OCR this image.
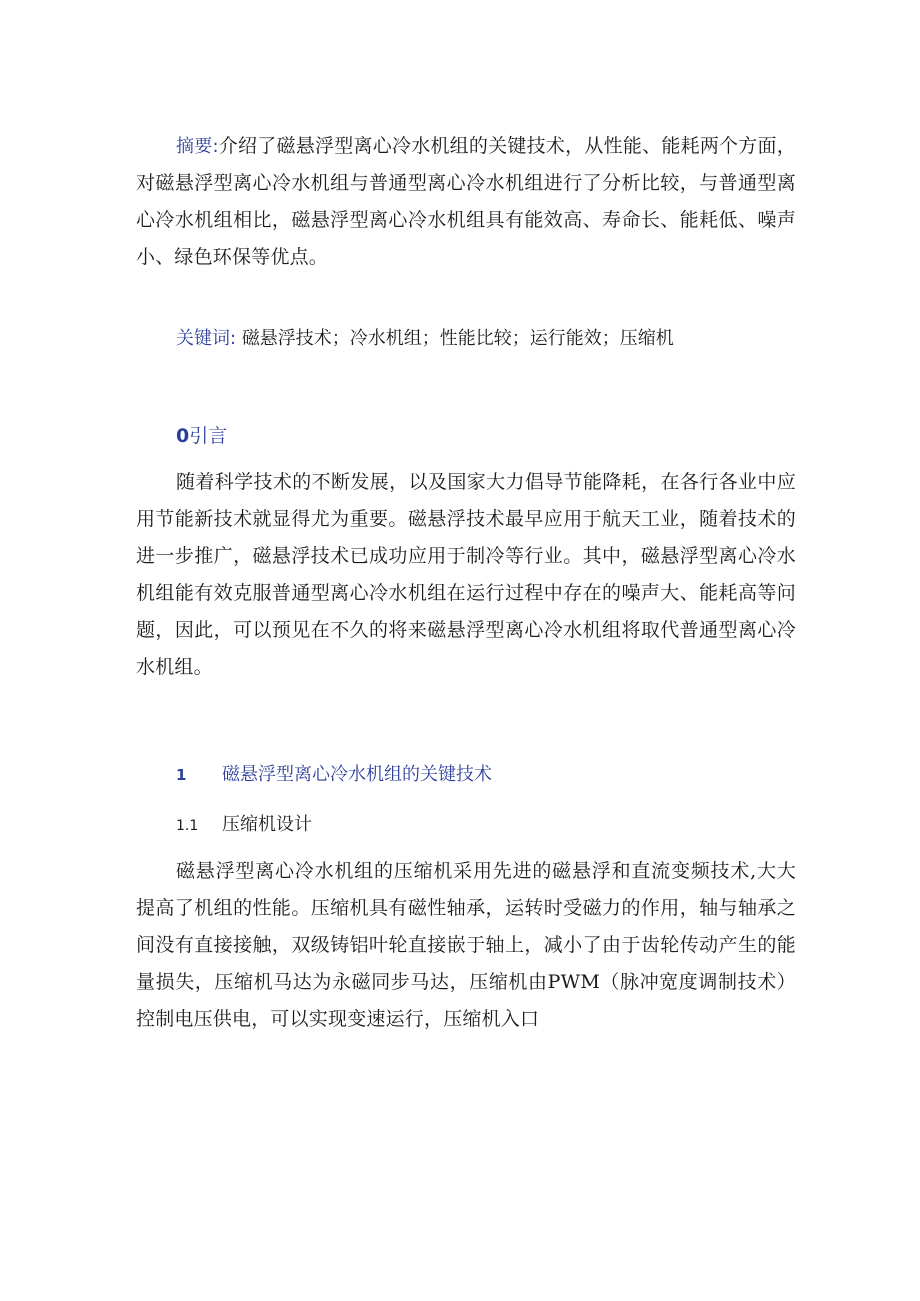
摘要:介绍了磁悬浮型离心冷水机组的关键技术，从性能、能耗两个方面，对磁悬浮型离心冷水机组与普通型离心冷水机组进行了分析比较，与普通型离心冷水机组相比，磁悬浮型离心冷水机组具有能效高、寿命长、能耗低、噪声小、绿色环保等优点。

关键词: 磁悬浮技术；冷水机组；性能比较；运行能效；压缩机
0引言

随着科学技术的不断发展，以及国家大力倡导节能降耗，在各行各业中应用节能新技术就显得尤为重要。磁悬浮技术最早应用于航天工业，随着技术的进一步推广，磁悬浮技术已成功应用于制冷等行业。其中，磁悬浮型离心冷水机组能有效克服普通型离心冷水机组在运行过程中存在的噪声大、能耗高等问题，因此，可以预见在不久的将来磁悬浮型离心冷水机组将取代普通型离心冷水机组。

1 磁悬浮型离心冷水机组的关键技术
1.1 压缩机设计

磁悬浮型离心冷水机组的压缩机采用先进的磁悬浮和直流变频技术,大大提高了机组的性能。压缩机具有磁性轴承，运转时受磁力的作用，轴与轴承之间没有直接接触，双级铸铝叶轮直接嵌于轴上，减小了由于齿轮传动产生的能量损失，压缩机马达为永磁同步马达，压缩机由PWM（脉冲宽度调制技术）控制电压供电，可以实现变速运行，压缩机入口
